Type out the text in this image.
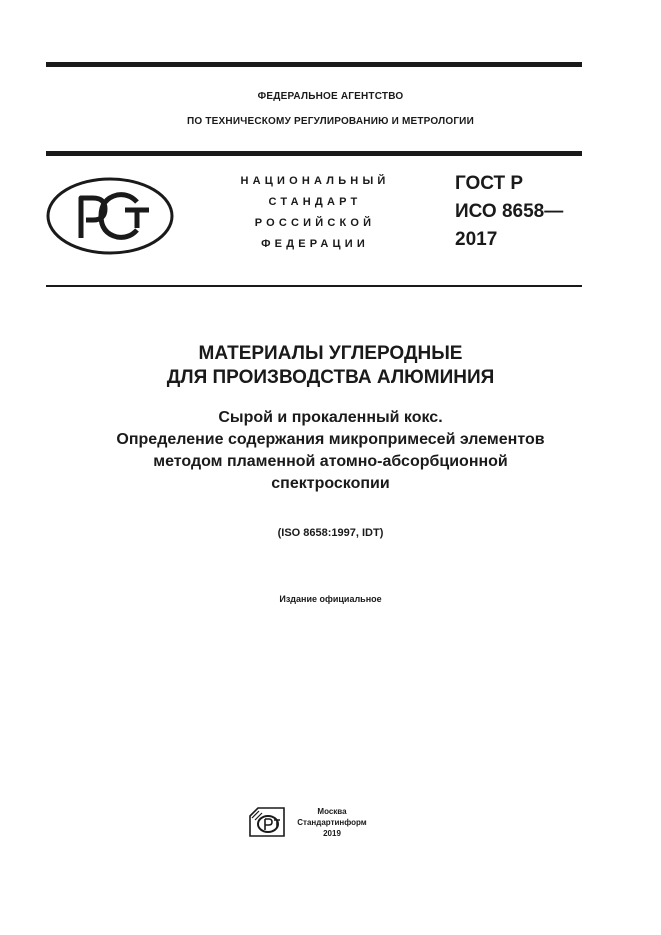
ФЕДЕРАЛЬНОЕ АГЕНТСТВО
ПО ТЕХНИЧЕСКОМУ РЕГУЛИРОВАНИЮ И МЕТРОЛОГИИ
НАЦИОНАЛЬНЫЙ
СТАНДАРТ
РОССИЙСКОЙ
ФЕДЕРАЦИИ
ГОСТ Р
ИСО 8658—
2017
МАТЕРИАЛЫ УГЛЕРОДНЫЕ
ДЛЯ ПРОИЗВОДСТВА АЛЮМИНИЯ
Сырой и прокаленный кокс.
Определение содержания микропримесей элементов
методом пламенной атомно-абсорбционной
спектроскопии
(ISO 8658:1997, IDT)
Издание официальное
Москва
Стандартинформ
2019
